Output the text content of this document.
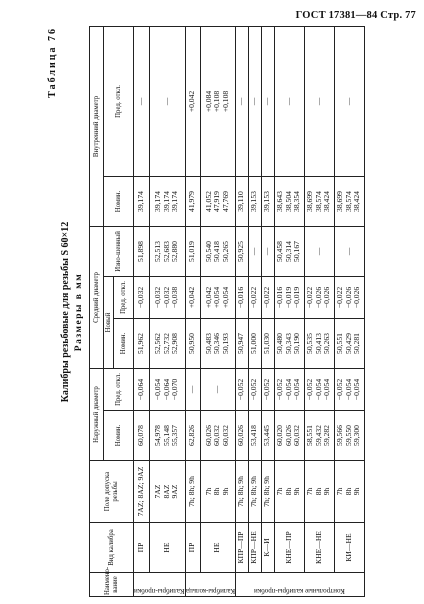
ГОСТ 17381—84 Стр. 77
Таблица 76
Калибры резьбовые для резьбы S 60×12 Размеры в мм
Наимено-вание	Вид калибра	Поле допуска резьбы	Наружный диаметр		Средний диаметр			Внутренний диаметр	
			Номин.	Пред. откл.	Новый		Изно-шенный	Номин.	Пред. откл.
					Номин.	Пред. откл.			

Калибры-пробки	ПР	7AZ; 8AZ; 9AZ	60,078	−0,064	51,962	−0,032	51,898	39,174	—

	НЕ	7AZ 8AZ 9AZ	54,978 55,148 55,357	−0,054 −0,064 −0,070	52,562 52,732 52,908	−0,032 −0,032 −0,038	52,513 52,683 52,880	39,174 39,174 39,174	—

Калибры-кольца	ПР	7h; 8h; 9h	62,826	—	50,950	+0,042	51,019	41,979	+0,042

	НЕ	7h 8h 9h	60,026 60,032 60,032	—	50,483 50,346 50,193	+0,042 +0,054 +0,054	50,540 50,418 50,265	41,052 47,919 47,769	+0,084 +0,108 +0,108

Контрольные калибры-пробки	КПР—ПР	7h; 8h; 9h	60,026	−0,052	50,947	−0,016	50,925	39,110	—

	КПР—НЕ	7h; 8h; 9h	53,418	−0,052	51,000	−0,022	—	39,153	—

	К—И	7h; 8h; 9h	53,445	−0,052	51,030	−0,022	—	39,153	—

	КНЕ—ПР	7h 8h 9h	60,020 60,026 60,032	−0,052 −0,054 −0,054	50,480 50,343 50,190	−0,016 −0,019 −0,019	50,458 50,314 50,167	38,643 38,504 38,354	—

	КНЕ—НЕ	7h 8h 9h	58,551 59,432 59,282	−0,052 −0,054 −0,054	50,535 50,413 50,263	−0,022 −0,026 −0,026	—	38,699 38,574 38,424	—

	КИ—НЕ	7h 8h 9h	59,566 59,550 59,300	−0,052 −0,054 −0,054	50,551 50,429 50,281	−0,022 −0,026 −0,026	—	38,699 38,574 38,424	—
